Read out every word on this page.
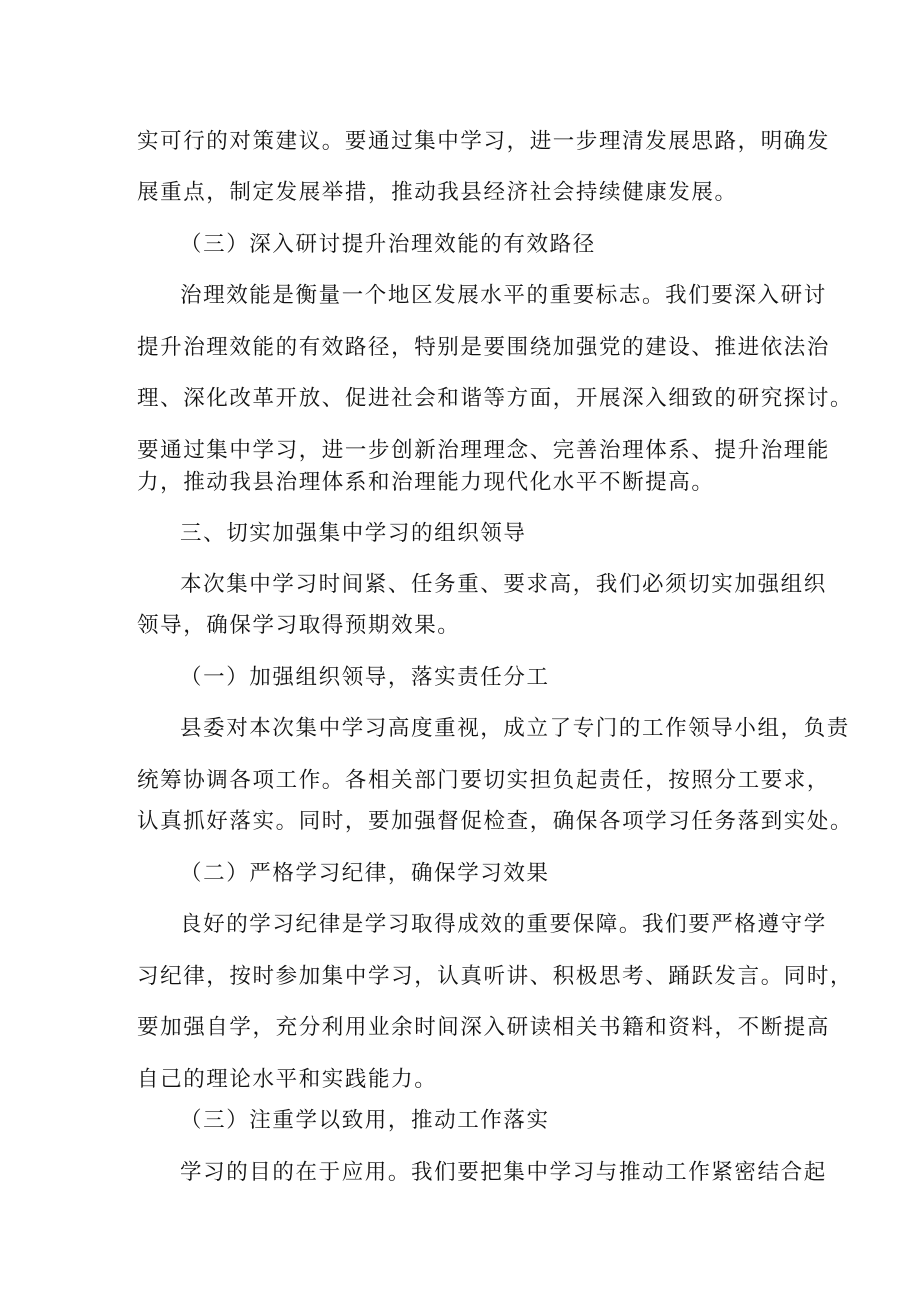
实可行的对策建议。要通过集中学习，进一步理清发展思路，明确发
展重点，制定发展举措，推动我县经济社会持续健康发展。
（三）深入研讨提升治理效能的有效路径
治理效能是衡量一个地区发展水平的重要标志。我们要深入研讨
提升治理效能的有效路径，特别是要围绕加强党的建设、推进依法治
理、深化改革开放、促进社会和谐等方面，开展深入细致的研究探讨。
要通过集中学习，进一步创新治理理念、完善治理体系、提升治理能
力，推动我县治理体系和治理能力现代化水平不断提高。
三、切实加强集中学习的组织领导
本次集中学习时间紧、任务重、要求高，我们必须切实加强组织
领导，确保学习取得预期效果。
（一）加强组织领导，落实责任分工
县委对本次集中学习高度重视，成立了专门的工作领导小组，负责
统筹协调各项工作。各相关部门要切实担负起责任，按照分工要求，
认真抓好落实。同时，要加强督促检查，确保各项学习任务落到实处。
（二）严格学习纪律，确保学习效果
良好的学习纪律是学习取得成效的重要保障。我们要严格遵守学
习纪律，按时参加集中学习，认真听讲、积极思考、踊跃发言。同时，
要加强自学，充分利用业余时间深入研读相关书籍和资料，不断提高
自己的理论水平和实践能力。
（三）注重学以致用，推动工作落实
学习的目的在于应用。我们要把集中学习与推动工作紧密结合起
